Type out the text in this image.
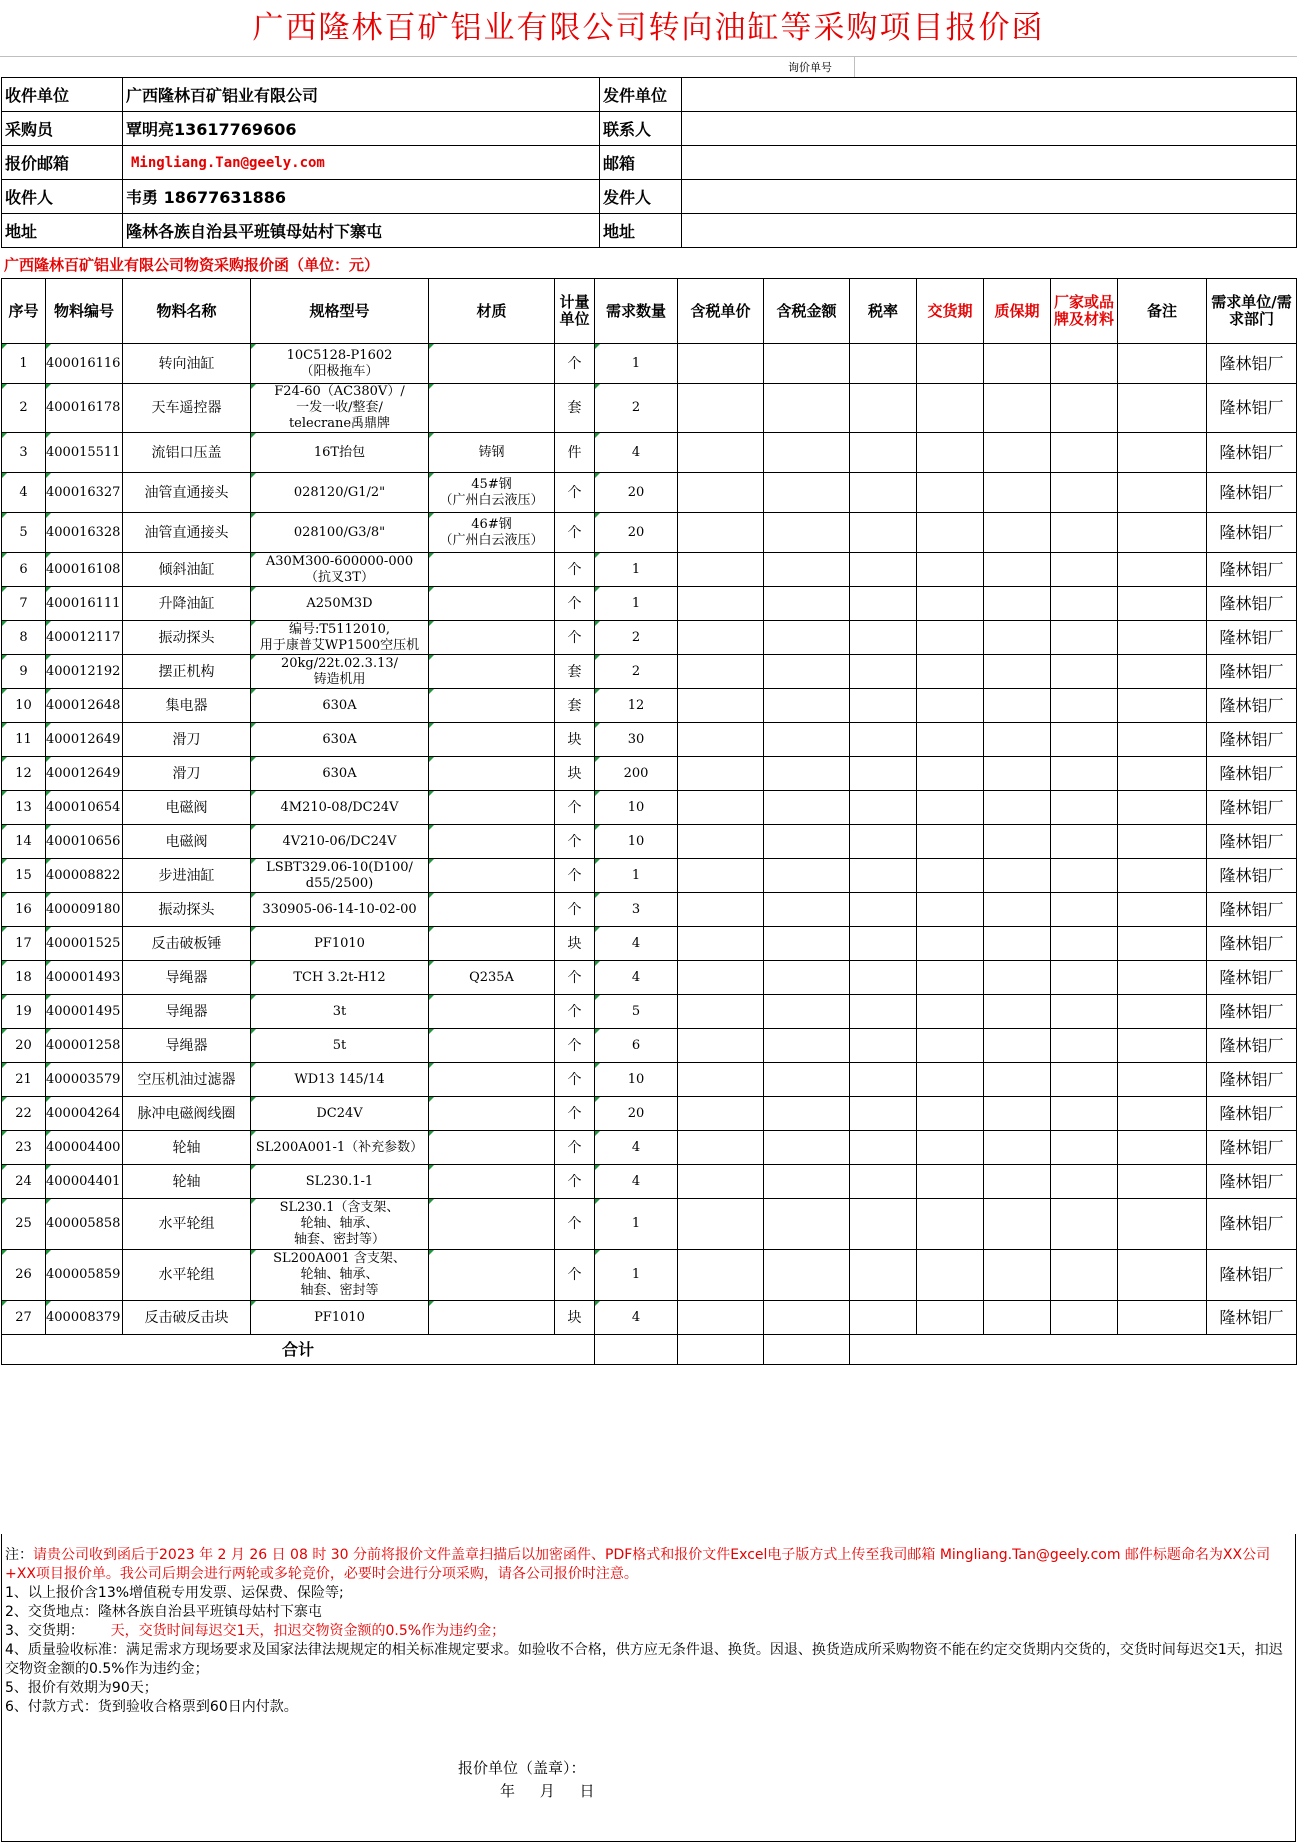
广西隆林百矿铝业有限公司转向油缸等采购项目报价函
询价单号
收件单位	广西隆林百矿铝业有限公司	发件单位	
采购员	覃明亮13617769606	联系人	
报价邮箱	Mingliang.Tan@geely.com	邮箱	
收件人	韦勇 18677631886	发件人	
地址	隆林各族自治县平班镇母姑村下寨屯	地址	
广西隆林百矿铝业有限公司物资采购报价函（单位：元）
序号	物料编号	物料名称	规格型号	材质	计量单位	需求数量	含税单价	含税金额	税率	交货期	质保期	厂家或品牌及材料	备注	需求单位/需求部门
1	400016116	转向油缸	10C5128-P1602
（阳极拖车）		个	1								隆林铝厂
2	400016178	天车遥控器	F24-60（AC380V）/
一发一收/整套/
telecrane禹鼎牌		套	2								隆林铝厂
3	400015511	流铝口压盖	16T抬包	铸钢	件	4								隆林铝厂
4	400016327	油管直通接头	028120/G1/2"	45#钢
（广州白云液压）	个	20								隆林铝厂
5	400016328	油管直通接头	028100/G3/8"	46#钢
（广州白云液压）	个	20								隆林铝厂
6	400016108	倾斜油缸	A30M300-600000-000
（抗叉3T）		个	1								隆林铝厂
7	400016111	升降油缸	A250M3D		个	1								隆林铝厂
8	400012117	振动探头	编号:T5112010,
用于康普艾WP1500空压机		个	2								隆林铝厂
9	400012192	摆正机构	20kg/22t.02.3.13/
铸造机用		套	2								隆林铝厂
10	400012648	集电器	630A		套	12								隆林铝厂
11	400012649	滑刀	630A		块	30								隆林铝厂
12	400012649	滑刀	630A		块	200								隆林铝厂
13	400010654	电磁阀	4M210-08/DC24V		个	10								隆林铝厂
14	400010656	电磁阀	4V210-06/DC24V		个	10								隆林铝厂
15	400008822	步进油缸	LSBT329.06-10(D100/
d55/2500)		个	1								隆林铝厂
16	400009180	振动探头	330905-06-14-10-02-00		个	3								隆林铝厂
17	400001525	反击破板锤	PF1010		块	4								隆林铝厂
18	400001493	导绳器	TCH 3.2t-H12	Q235A	个	4								隆林铝厂
19	400001495	导绳器	3t		个	5								隆林铝厂
20	400001258	导绳器	5t		个	6								隆林铝厂
21	400003579	空压机油过滤器	WD13 145/14		个	10								隆林铝厂
22	400004264	脉冲电磁阀线圈	DC24V		个	20								隆林铝厂
23	400004400	轮轴	SL200A001-1（补充参数）		个	4								隆林铝厂
24	400004401	轮轴	SL230.1-1		个	4								隆林铝厂
25	400005858	水平轮组	SL230.1（含支架、
轮轴、轴承、
轴套、密封等）		个	1								隆林铝厂
26	400005859	水平轮组	SL200A001 含支架、
轮轴、轴承、
轴套、密封等		个	1								隆林铝厂
27	400008379	反击破反击块	PF1010		块	4								隆林铝厂
合计														

注：请贵公司收到函后于2023 年 2 月 26 日 08 时 30 分前将报价文件盖章扫描后以加密函件、PDF格式和报价文件Excel电子版方式上传至我司邮箱 Mingliang.Tan@geely.com 邮件标题命名为XX公司+XX项目报价单。我公司后期会进行两轮或多轮竞价，必要时会进行分项采购，请各公司报价时注意。

1、以上报价含13%增值税专用发票、运保费、保险等;

2、交货地点：隆林各族自治县平班镇母姑村下寨屯

3、交货期：      天，交货时间每迟交1天，扣迟交物资金额的0.5%作为违约金；

4、质量验收标准：满足需求方现场要求及国家法律法规规定的相关标准规定要求。如验收不合格，供方应无条件退、换货。因退、换货造成所采购物资不能在约定交货期内交货的，交货时间每迟交1天，扣迟交物资金额的0.5%作为违约金；

5、报价有效期为90天；

6、付款方式：货到验收合格票到60日内付款。

报价单位（盖章）：
年 月 日
